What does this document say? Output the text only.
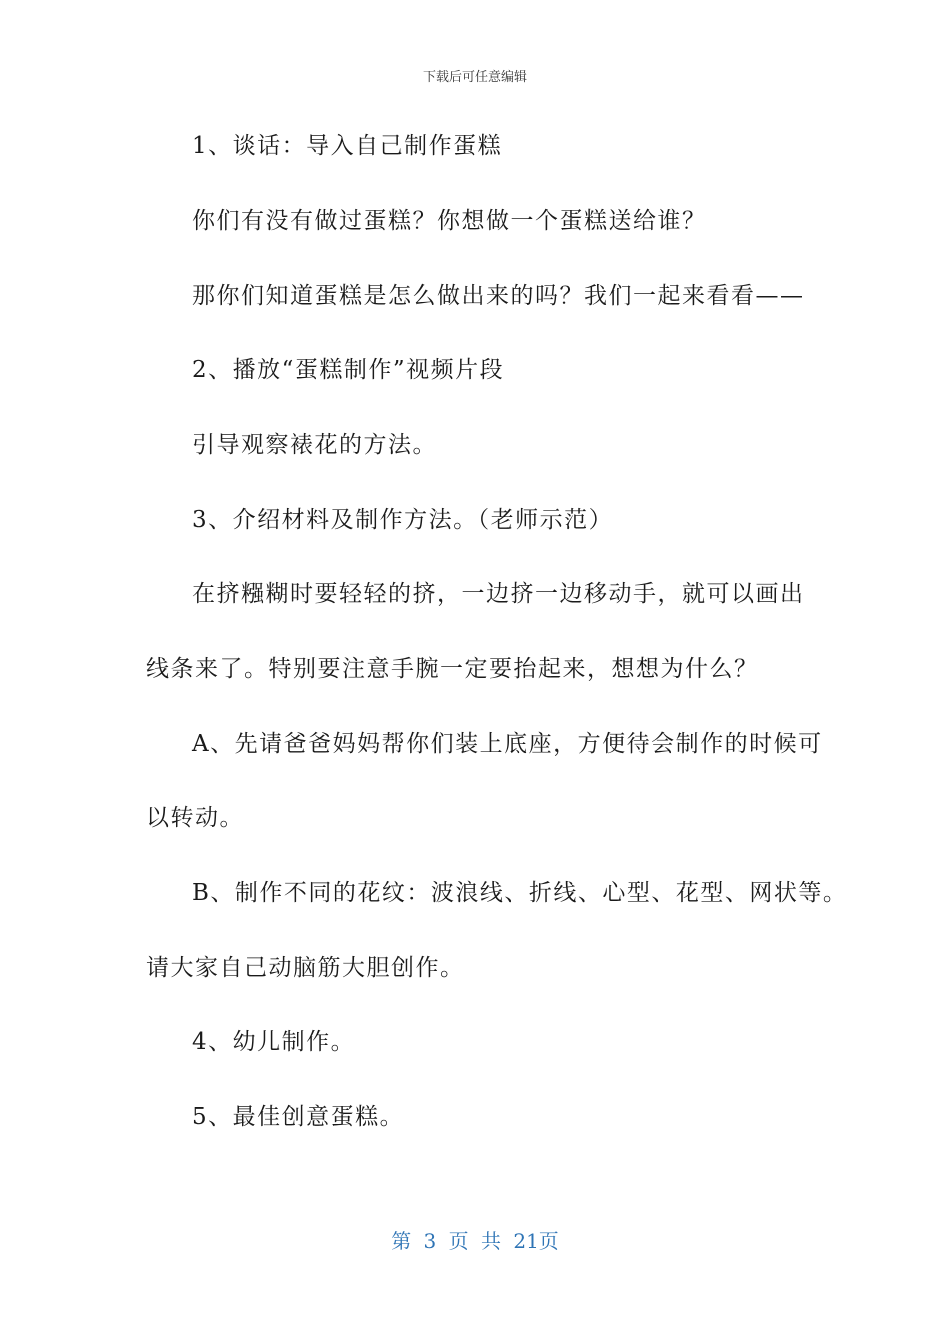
下载后可任意编辑
1、谈话：导入自己制作蛋糕
你们有没有做过蛋糕？你想做一个蛋糕送给谁？
那你们知道蛋糕是怎么做出来的吗？我们一起来看看——
2、播放“蛋糕制作”视频片段
引导观察裱花的方法。
3、介绍材料及制作方法。（老师示范）
在挤糨糊时要轻轻的挤，一边挤一边移动手，就可以画出
线条来了。特别要注意手腕一定要抬起来，想想为什么？
A、先请爸爸妈妈帮你们装上底座，方便待会制作的时候可
以转动。
B、制作不同的花纹：波浪线、折线、心型、花型、网状等。
请大家自己动脑筋大胆创作。
4、幼儿制作。
5、最佳创意蛋糕。
第 3 页 共 21页
